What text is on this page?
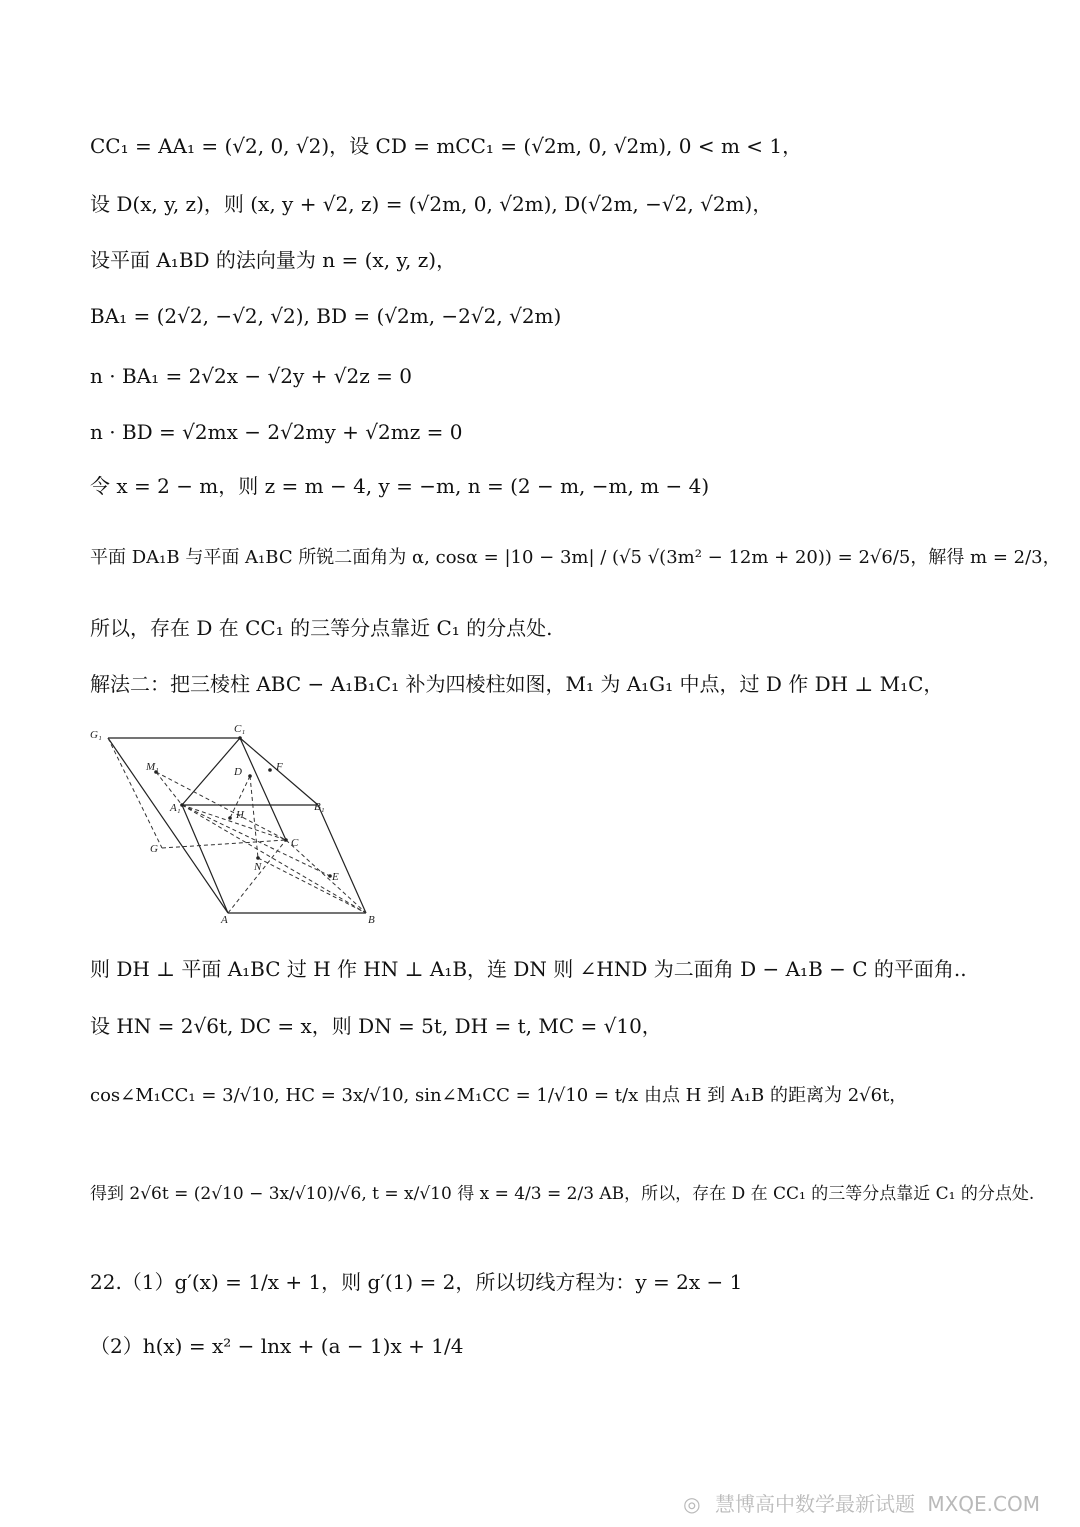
CC₁ = AA₁ = (√2, 0, √2)，设 CD = mCC₁ = (√2m, 0, √2m), 0 < m < 1，
设 D(x, y, z)，则 (x, y + √2, z) = (√2m, 0, √2m), D(√2m, −√2, √2m)，
设平面 A₁BD 的法向量为 n = (x, y, z)，
BA₁ = (2√2, −√2, √2), BD = (√2m, −2√2, √2m)
n · BA₁ = 2√2x − √2y + √2z = 0
n · BD = √2mx − 2√2my + √2mz = 0
令 x = 2 − m，则 z = m − 4, y = −m, n = (2 − m, −m, m − 4)
平面 DA₁B 与平面 A₁BC 所锐二面角为 α, cosα = |10 − 3m| / (√5 √(3m² − 12m + 20)) = 2√6/5，解得 m = 2/3，
所以，存在 D 在 CC₁ 的三等分点靠近 C₁ 的分点处.
解法二：把三棱柱 ABC − A₁B₁C₁ 补为四棱柱如图，M₁ 为 A₁G₁ 中点，过 D 作 DH ⊥ M₁C，
G₁	C₁
M₁	D	F
A₁
H
B₁
G	C
N
E
A	B
则 DH ⊥ 平面 A₁BC 过 H 作 HN ⊥ A₁B，连 DN 则 ∠HND 为二面角 D − A₁B − C 的平面角..
设 HN = 2√6t, DC = x，则 DN = 5t, DH = t, MC = √10，
cos∠M₁CC₁ = 3/√10, HC = 3x/√10, sin∠M₁CC = 1/√10 = t/x 由点 H 到 A₁B 的距离为 2√6t，
得到 2√6t = (2√10 − 3x/√10)/√6, t = x/√10 得 x = 4/3 = 2/3 AB，所以，存在 D 在 CC₁ 的三等分点靠近 C₁ 的分点处.
22.（1）g′(x) = 1/x + 1，则 g′(1) = 2，所以切线方程为：y = 2x − 1
（2）h(x) = x² − lnx + (a − 1)x + 1/4
◎ 慧博高中数学最新试题 MXQE.COM
